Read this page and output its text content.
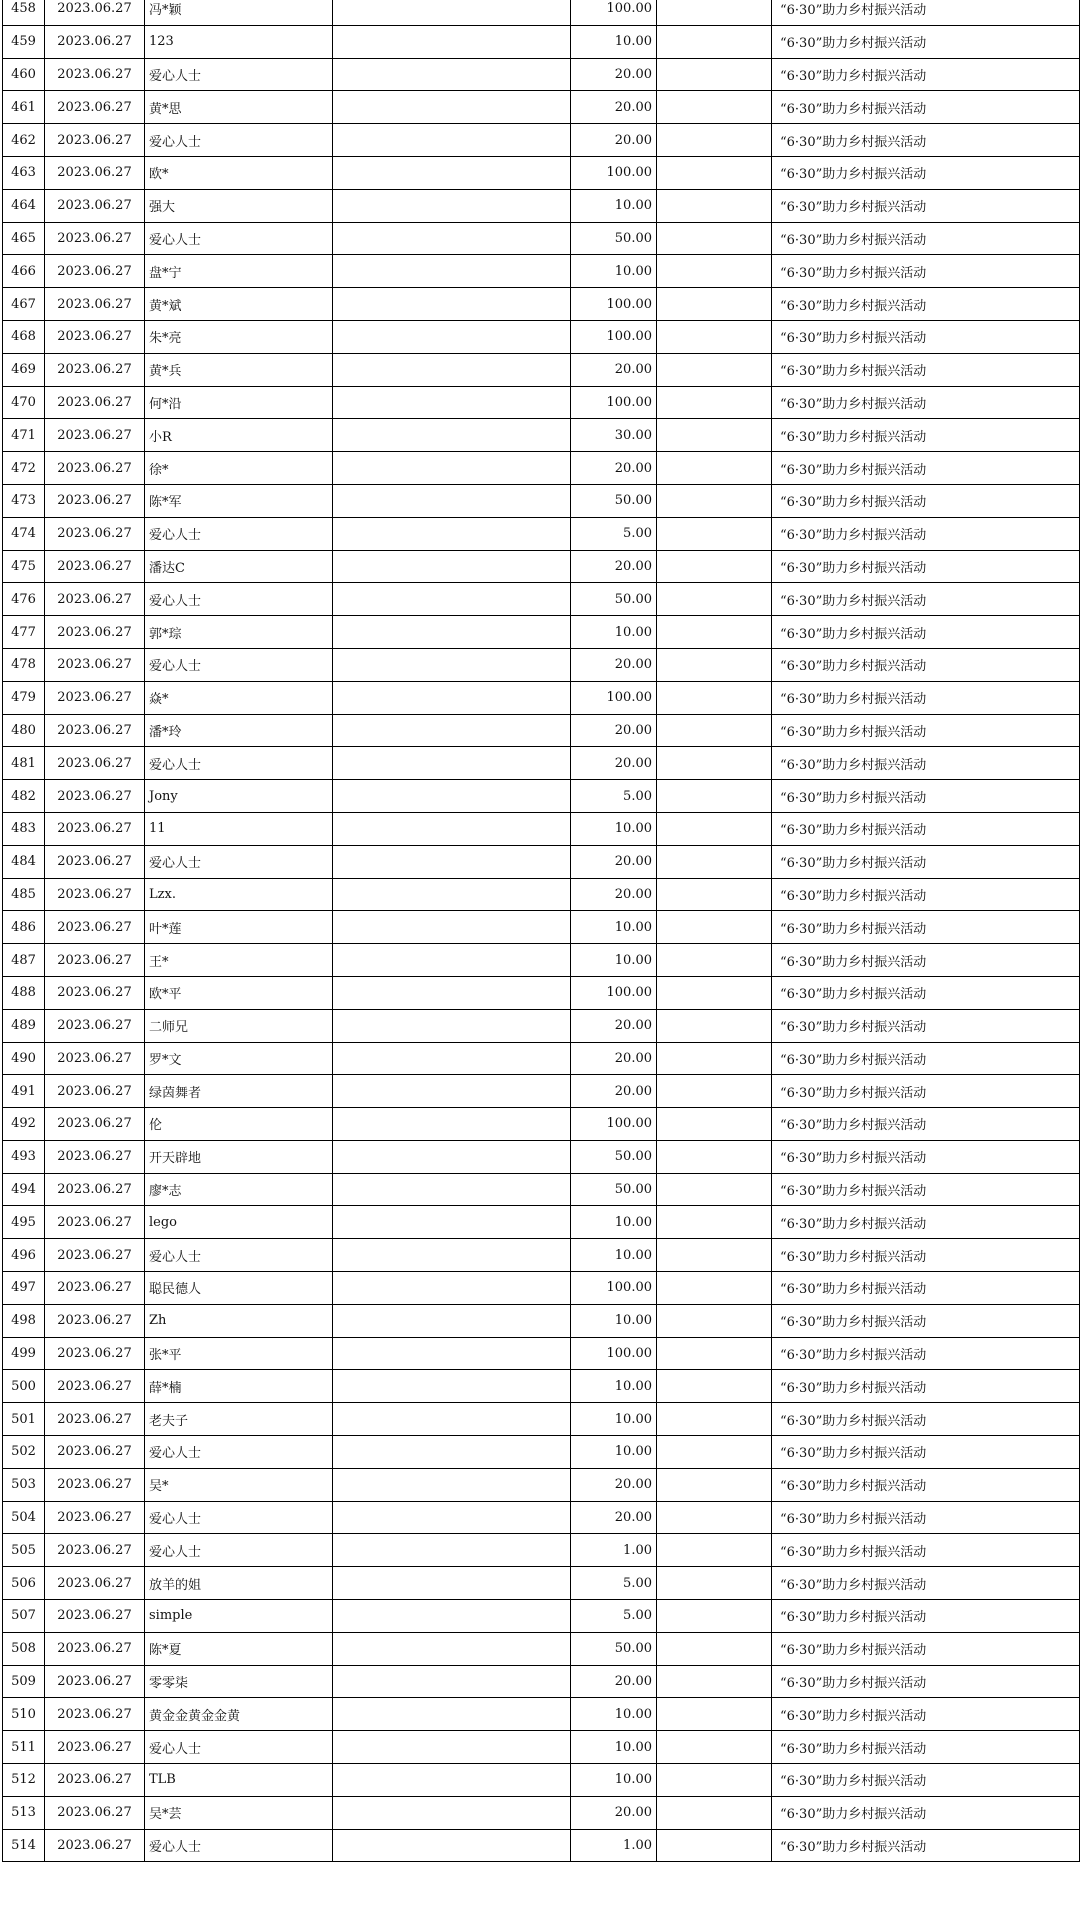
458	2023.06.27	冯*颖		100.00		“6·30”助力乡村振兴活动
459	2023.06.27	123		10.00		“6·30”助力乡村振兴活动
460	2023.06.27	爱心人士		20.00		“6·30”助力乡村振兴活动
461	2023.06.27	黄*思		20.00		“6·30”助力乡村振兴活动
462	2023.06.27	爱心人士		20.00		“6·30”助力乡村振兴活动
463	2023.06.27	欧*		100.00		“6·30”助力乡村振兴活动
464	2023.06.27	强大		10.00		“6·30”助力乡村振兴活动
465	2023.06.27	爱心人士		50.00		“6·30”助力乡村振兴活动
466	2023.06.27	盘*宁		10.00		“6·30”助力乡村振兴活动
467	2023.06.27	黄*斌		100.00		“6·30”助力乡村振兴活动
468	2023.06.27	朱*亮		100.00		“6·30”助力乡村振兴活动
469	2023.06.27	黄*兵		20.00		“6·30”助力乡村振兴活动
470	2023.06.27	何*沿		100.00		“6·30”助力乡村振兴活动
471	2023.06.27	小R		30.00		“6·30”助力乡村振兴活动
472	2023.06.27	徐*		20.00		“6·30”助力乡村振兴活动
473	2023.06.27	陈*军		50.00		“6·30”助力乡村振兴活动
474	2023.06.27	爱心人士		5.00		“6·30”助力乡村振兴活动
475	2023.06.27	潘达C		20.00		“6·30”助力乡村振兴活动
476	2023.06.27	爱心人士		50.00		“6·30”助力乡村振兴活动
477	2023.06.27	郭*琮		10.00		“6·30”助力乡村振兴活动
478	2023.06.27	爱心人士		20.00		“6·30”助力乡村振兴活动
479	2023.06.27	焱*		100.00		“6·30”助力乡村振兴活动
480	2023.06.27	潘*玲		20.00		“6·30”助力乡村振兴活动
481	2023.06.27	爱心人士		20.00		“6·30”助力乡村振兴活动
482	2023.06.27	Jony		5.00		“6·30”助力乡村振兴活动
483	2023.06.27	11		10.00		“6·30”助力乡村振兴活动
484	2023.06.27	爱心人士		20.00		“6·30”助力乡村振兴活动
485	2023.06.27	Lzx.		20.00		“6·30”助力乡村振兴活动
486	2023.06.27	叶*莲		10.00		“6·30”助力乡村振兴活动
487	2023.06.27	王*		10.00		“6·30”助力乡村振兴活动
488	2023.06.27	欧*平		100.00		“6·30”助力乡村振兴活动
489	2023.06.27	二师兄		20.00		“6·30”助力乡村振兴活动
490	2023.06.27	罗*文		20.00		“6·30”助力乡村振兴活动
491	2023.06.27	绿茵舞者		20.00		“6·30”助力乡村振兴活动
492	2023.06.27	伦		100.00		“6·30”助力乡村振兴活动
493	2023.06.27	开天辟地		50.00		“6·30”助力乡村振兴活动
494	2023.06.27	廖*志		50.00		“6·30”助力乡村振兴活动
495	2023.06.27	lego		10.00		“6·30”助力乡村振兴活动
496	2023.06.27	爱心人士		10.00		“6·30”助力乡村振兴活动
497	2023.06.27	聪民德人		100.00		“6·30”助力乡村振兴活动
498	2023.06.27	Zh		10.00		“6·30”助力乡村振兴活动
499	2023.06.27	张*平		100.00		“6·30”助力乡村振兴活动
500	2023.06.27	薛*楠		10.00		“6·30”助力乡村振兴活动
501	2023.06.27	老夫子		10.00		“6·30”助力乡村振兴活动
502	2023.06.27	爱心人士		10.00		“6·30”助力乡村振兴活动
503	2023.06.27	吴*		20.00		“6·30”助力乡村振兴活动
504	2023.06.27	爱心人士		20.00		“6·30”助力乡村振兴活动
505	2023.06.27	爱心人士		1.00		“6·30”助力乡村振兴活动
506	2023.06.27	放羊的姐		5.00		“6·30”助力乡村振兴活动
507	2023.06.27	simple		5.00		“6·30”助力乡村振兴活动
508	2023.06.27	陈*夏		50.00		“6·30”助力乡村振兴活动
509	2023.06.27	零零柒		20.00		“6·30”助力乡村振兴活动
510	2023.06.27	黄金金黄金金黄		10.00		“6·30”助力乡村振兴活动
511	2023.06.27	爱心人士		10.00		“6·30”助力乡村振兴活动
512	2023.06.27	TLB		10.00		“6·30”助力乡村振兴活动
513	2023.06.27	吴*芸		20.00		“6·30”助力乡村振兴活动
514	2023.06.27	爱心人士		1.00		“6·30”助力乡村振兴活动
